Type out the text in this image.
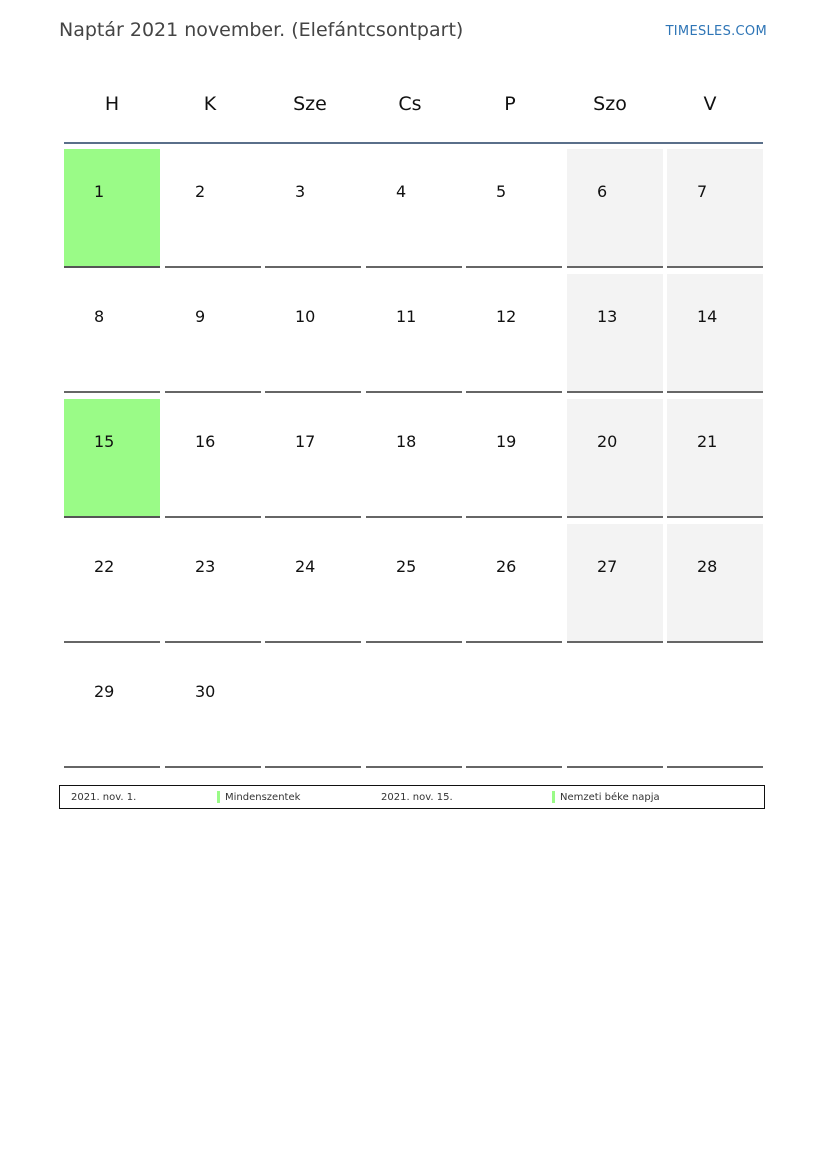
Naptár 2021 november. (Elefántcsontpart)	TIMESLES.COM
H	K	Sze	Cs	P	Szo	V
1	2	3	4	5	6	7
8	9	10	11	12	13	14
15	16	17	18	19	20	21
22	23	24	25	26	27	28
29	30
2021. nov. 1.	Mindenszentek	2021. nov. 15.	Nemzeti béke napja
